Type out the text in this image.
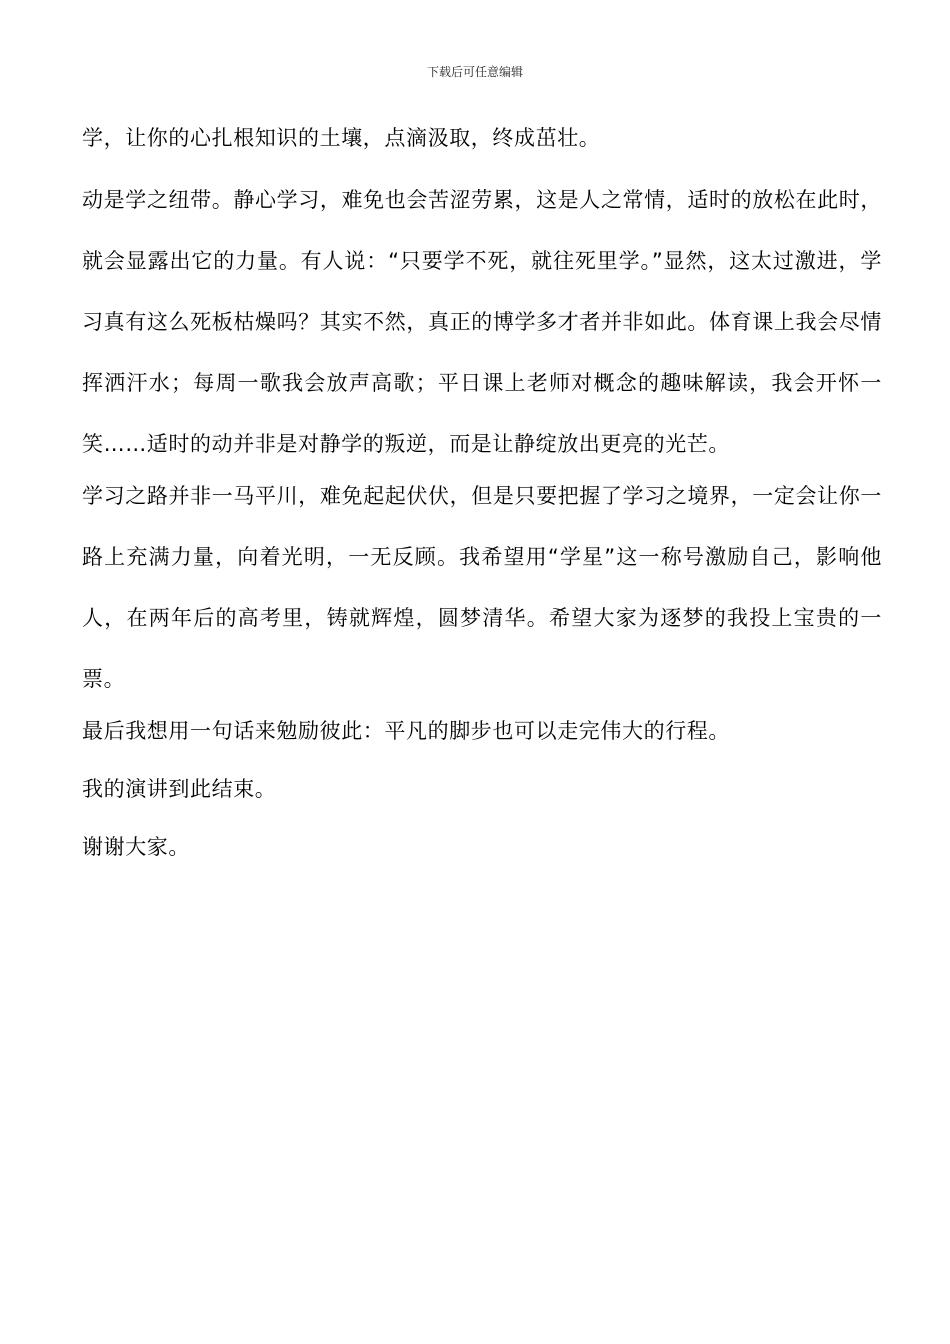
下载后可任意编辑

学，让你的心扎根知识的土壤，点滴汲取，终成茁壮。

动是学之纽带。静心学习，难免也会苦涩劳累，这是人之常情，适时的放松在此时，就会显露出它的力量。有人说：“只要学不死，就往死里学。”显然，这太过激进，学习真有这么死板枯燥吗？其实不然，真正的博学多才者并非如此。体育课上我会尽情挥洒汗水；每周一歌我会放声高歌；平日课上老师对概念的趣味解读，我会开怀一笑……适时的动并非是对静学的叛逆，而是让静绽放出更亮的光芒。

学习之路并非一马平川，难免起起伏伏，但是只要把握了学习之境界，一定会让你一路上充满力量，向着光明，一无反顾。我希望用“学星”这一称号激励自己，影响他人，在两年后的高考里，铸就辉煌，圆梦清华。希望大家为逐梦的我投上宝贵的一票。

最后我想用一句话来勉励彼此：平凡的脚步也可以走完伟大的行程。

我的演讲到此结束。

谢谢大家。
